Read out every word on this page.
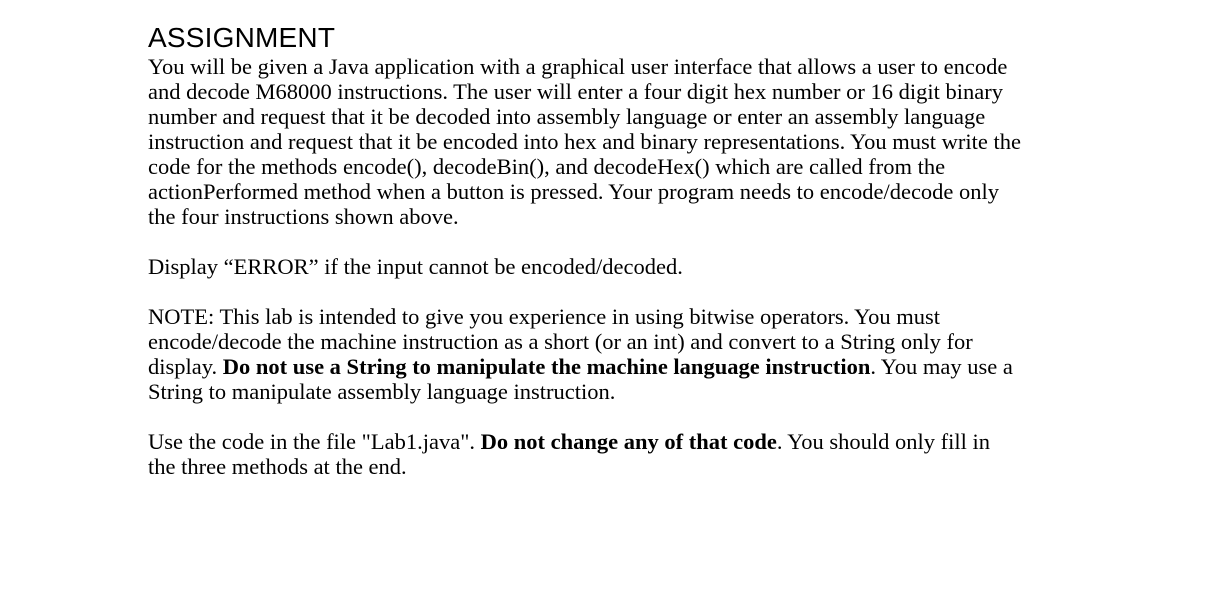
ASSIGNMENT

You will be given a Java application with a graphical user interface that allows a user to encode
and decode M68000 instructions. The user will enter a four digit hex number or 16 digit binary
number and request that it be decoded into assembly language or enter an assembly language
instruction and request that it be encoded into hex and binary representations. You must write the
code for the methods encode(), decodeBin(), and decodeHex() which are called from the
actionPerformed method when a button is pressed. Your program needs to encode/decode only
the four instructions shown above.

Display “ERROR” if the input cannot be encoded/decoded.

NOTE: This lab is intended to give you experience in using bitwise operators. You must
encode/decode the machine instruction as a short (or an int) and convert to a String only for
display. Do not use a String to manipulate the machine language instruction. You may use a
String to manipulate assembly language instruction.

Use the code in the file "Lab1.java". Do not change any of that code. You should only fill in
the three methods at the end.
